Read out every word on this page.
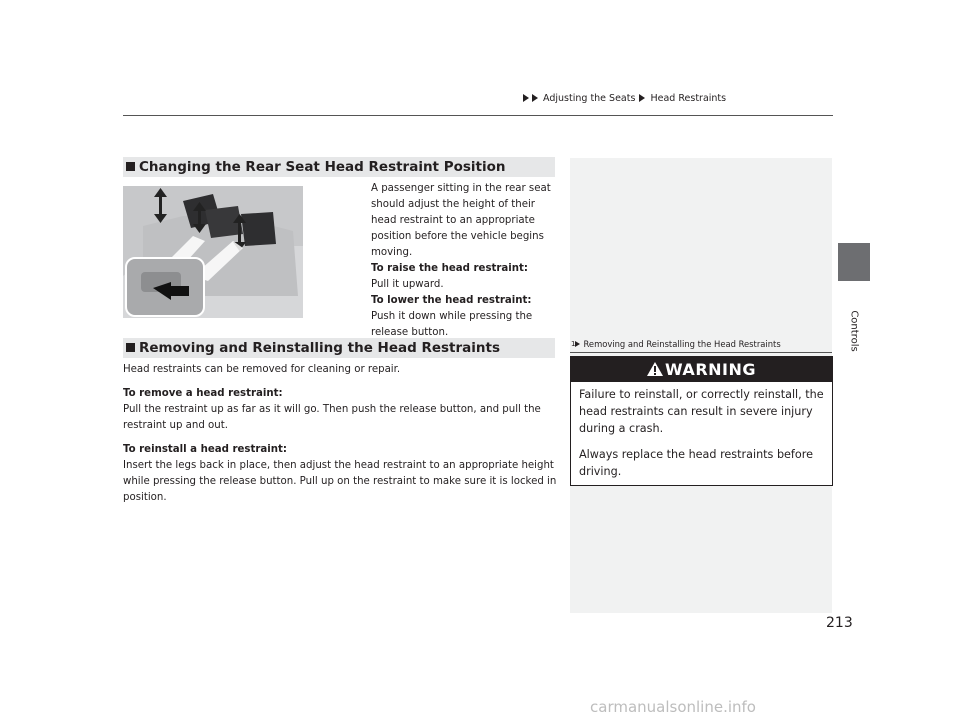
Adjusting the Seats Head Restraints
Controls
Changing the Rear Seat Head Restraint Position
A passenger sitting in the rear seat should adjust the height of their head restraint to an appropriate position before the vehicle begins moving.
To raise the head restraint:
Pull it upward.
To lower the head restraint:
Push it down while pressing the release button.
Removing and Reinstalling the Head Restraints
Head restraints can be removed for cleaning or repair.
To remove a head restraint:
Pull the restraint up as far as it will go. Then push the release button, and pull the restraint up and out.
To reinstall a head restraint:
Insert the legs back in place, then adjust the head restraint to an appropriate height while pressing the release button. Pull up on the restraint to make sure it is locked in position.
1 Removing and Reinstalling the Head Restraints
WARNING
Failure to reinstall, or correctly reinstall, the head restraints can result in severe injury during a crash.
Always replace the head restraints before driving.
213
carmanualsonline.info
